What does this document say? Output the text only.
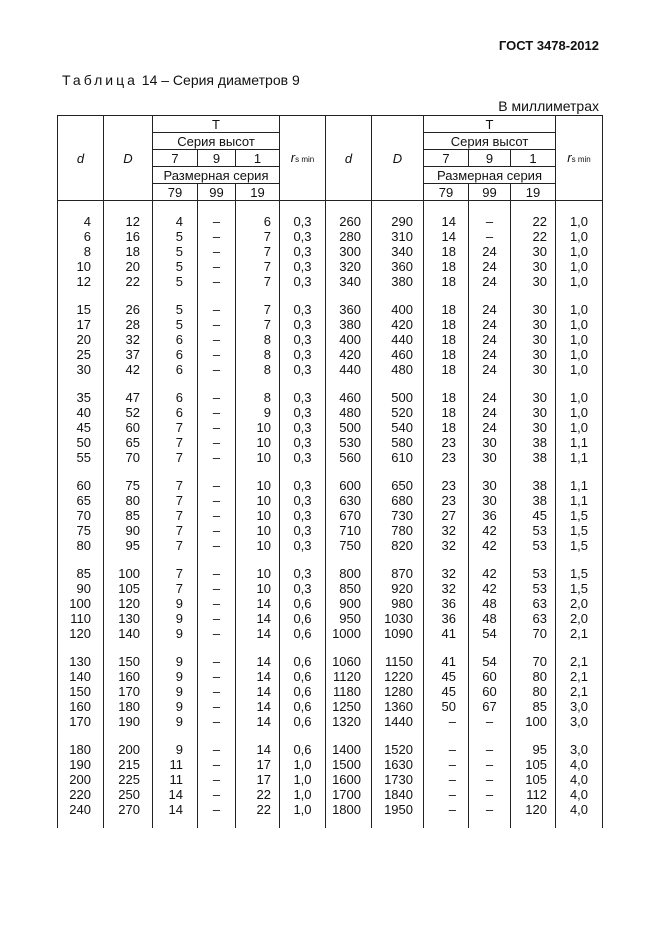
ГОСТ 3478-2012
Таблица 14 – Серия диаметров 9
В миллиметрах
d	D	T			rs min	d	D	T			rs min
		Серия высот						Серия высот			
		7	9	1				7	9	1	
		Размерная серия						Размерная серия			
		79	99	19				79	99	19	

4	12	4	–	6	0,3	260	290	14	–	22	1,0
6	16	5	–	7	0,3	280	310	14	–	22	1,0
8	18	5	–	7	0,3	300	340	18	24	30	1,0
10	20	5	–	7	0,3	320	360	18	24	30	1,0
12	22	5	–	7	0,3	340	380	18	24	30	1,0

15	26	5	–	7	0,3	360	400	18	24	30	1,0
17	28	5	–	7	0,3	380	420	18	24	30	1,0
20	32	6	–	8	0,3	400	440	18	24	30	1,0
25	37	6	–	8	0,3	420	460	18	24	30	1,0
30	42	6	–	8	0,3	440	480	18	24	30	1,0

35	47	6	–	8	0,3	460	500	18	24	30	1,0
40	52	6	–	9	0,3	480	520	18	24	30	1,0
45	60	7	–	10	0,3	500	540	18	24	30	1,0
50	65	7	–	10	0,3	530	580	23	30	38	1,1
55	70	7	–	10	0,3	560	610	23	30	38	1,1

60	75	7	–	10	0,3	600	650	23	30	38	1,1
65	80	7	–	10	0,3	630	680	23	30	38	1,1
70	85	7	–	10	0,3	670	730	27	36	45	1,5
75	90	7	–	10	0,3	710	780	32	42	53	1,5
80	95	7	–	10	0,3	750	820	32	42	53	1,5

85	100	7	–	10	0,3	800	870	32	42	53	1,5
90	105	7	–	10	0,3	850	920	32	42	53	1,5
100	120	9	–	14	0,6	900	980	36	48	63	2,0
110	130	9	–	14	0,6	950	1030	36	48	63	2,0
120	140	9	–	14	0,6	1000	1090	41	54	70	2,1

130	150	9	–	14	0,6	1060	1150	41	54	70	2,1
140	160	9	–	14	0,6	1120	1220	45	60	80	2,1
150	170	9	–	14	0,6	1180	1280	45	60	80	2,1
160	180	9	–	14	0,6	1250	1360	50	67	85	3,0
170	190	9	–	14	0,6	1320	1440	–	–	100	3,0

180	200	9	–	14	0,6	1400	1520	–	–	95	3,0
190	215	11	–	17	1,0	1500	1630	–	–	105	4,0
200	225	11	–	17	1,0	1600	1730	–	–	105	4,0
220	250	14	–	22	1,0	1700	1840	–	–	112	4,0
240	270	14	–	22	1,0	1800	1950	–	–	120	4,0
